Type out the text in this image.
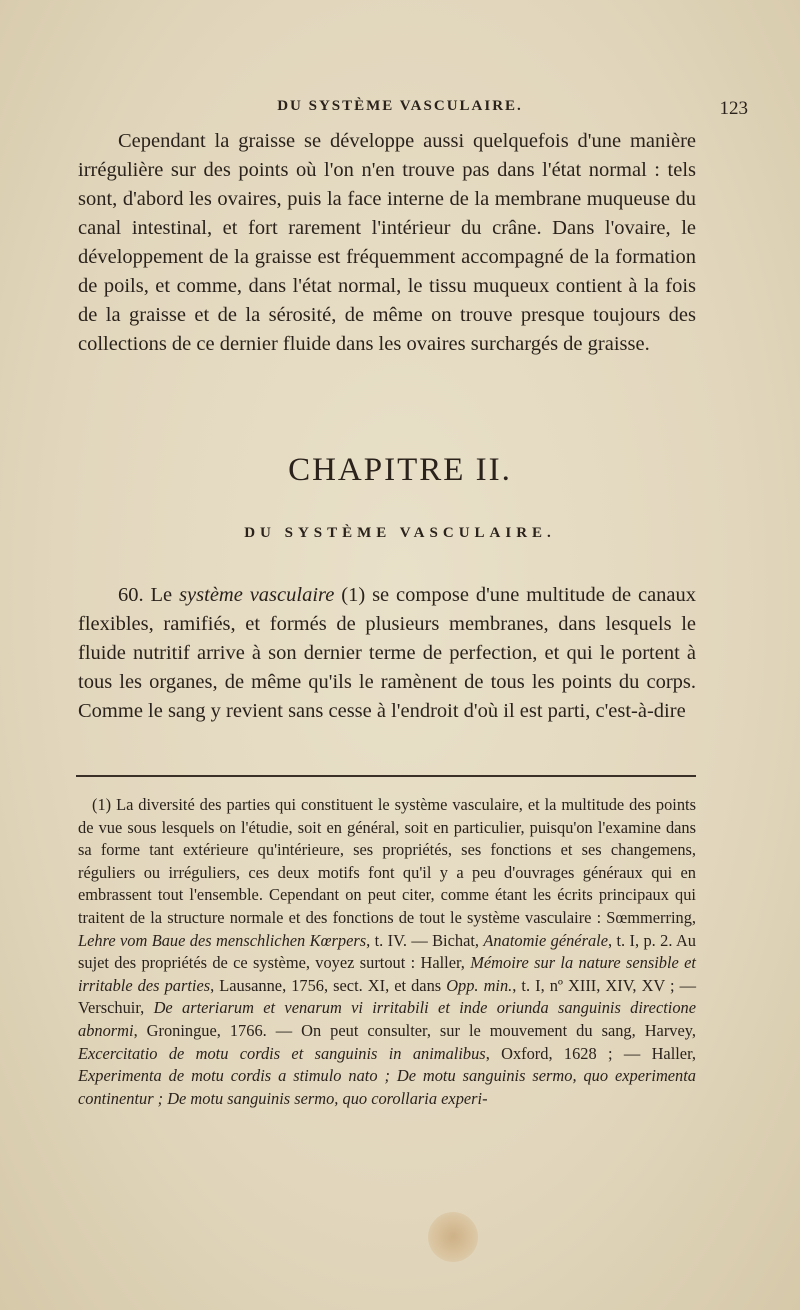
DU SYSTÈME VASCULAIRE.	123

Cependant la graisse se développe aussi quelquefois d'une manière irrégulière sur des points où l'on n'en trouve pas dans l'état normal : tels sont, d'abord les ovaires, puis la face interne de la membrane muqueuse du canal intestinal, et fort rarement l'intérieur du crâne. Dans l'ovaire, le développement de la graisse est fréquemment accompagné de la formation de poils, et comme, dans l'état normal, le tissu muqueux contient à la fois de la graisse et de la sérosité, de même on trouve presque toujours des collections de ce dernier fluide dans les ovaires surchargés de graisse.

CHAPITRE II.
DU SYSTÈME VASCULAIRE.

60. Le système vasculaire (1) se compose d'une multitude de canaux flexibles, ramifiés, et formés de plusieurs membranes, dans lesquels le fluide nutritif arrive à son dernier terme de perfection, et qui le portent à tous les organes, de même qu'ils le ramènent de tous les points du corps. Comme le sang y revient sans cesse à l'endroit d'où il est parti, c'est-à-dire

(1) La diversité des parties qui constituent le système vasculaire, et la multitude des points de vue sous lesquels on l'étudie, soit en général, soit en particulier, puisqu'on l'examine dans sa forme tant extérieure qu'intérieure, ses propriétés, ses fonctions et ses changemens, réguliers ou irréguliers, ces deux motifs font qu'il y a peu d'ouvrages généraux qui en embrassent tout l'ensemble. Cependant on peut citer, comme étant les écrits principaux qui traitent de la structure normale et des fonctions de tout le système vasculaire : Sœmmerring, Lehre vom Baue des menschlichen Kœrpers, t. IV. — Bichat, Anatomie générale, t. I, p. 2. Au sujet des propriétés de ce système, voyez surtout : Haller, Mémoire sur la nature sensible et irritable des parties, Lausanne, 1756, sect. XI, et dans Opp. min., t. I, nº XIII, XIV, XV ; — Verschuir, De arteriarum et venarum vi irritabili et inde oriunda sanguinis directione abnormi, Groningue, 1766. — On peut consulter, sur le mouvement du sang, Harvey, Excercitatio de motu cordis et sanguinis in animalibus, Oxford, 1628 ; — Haller, Experimenta de motu cordis a stimulo nato ; De motu sanguinis sermo, quo experimenta continentur ; De motu sanguinis sermo, quo corollaria experi-
